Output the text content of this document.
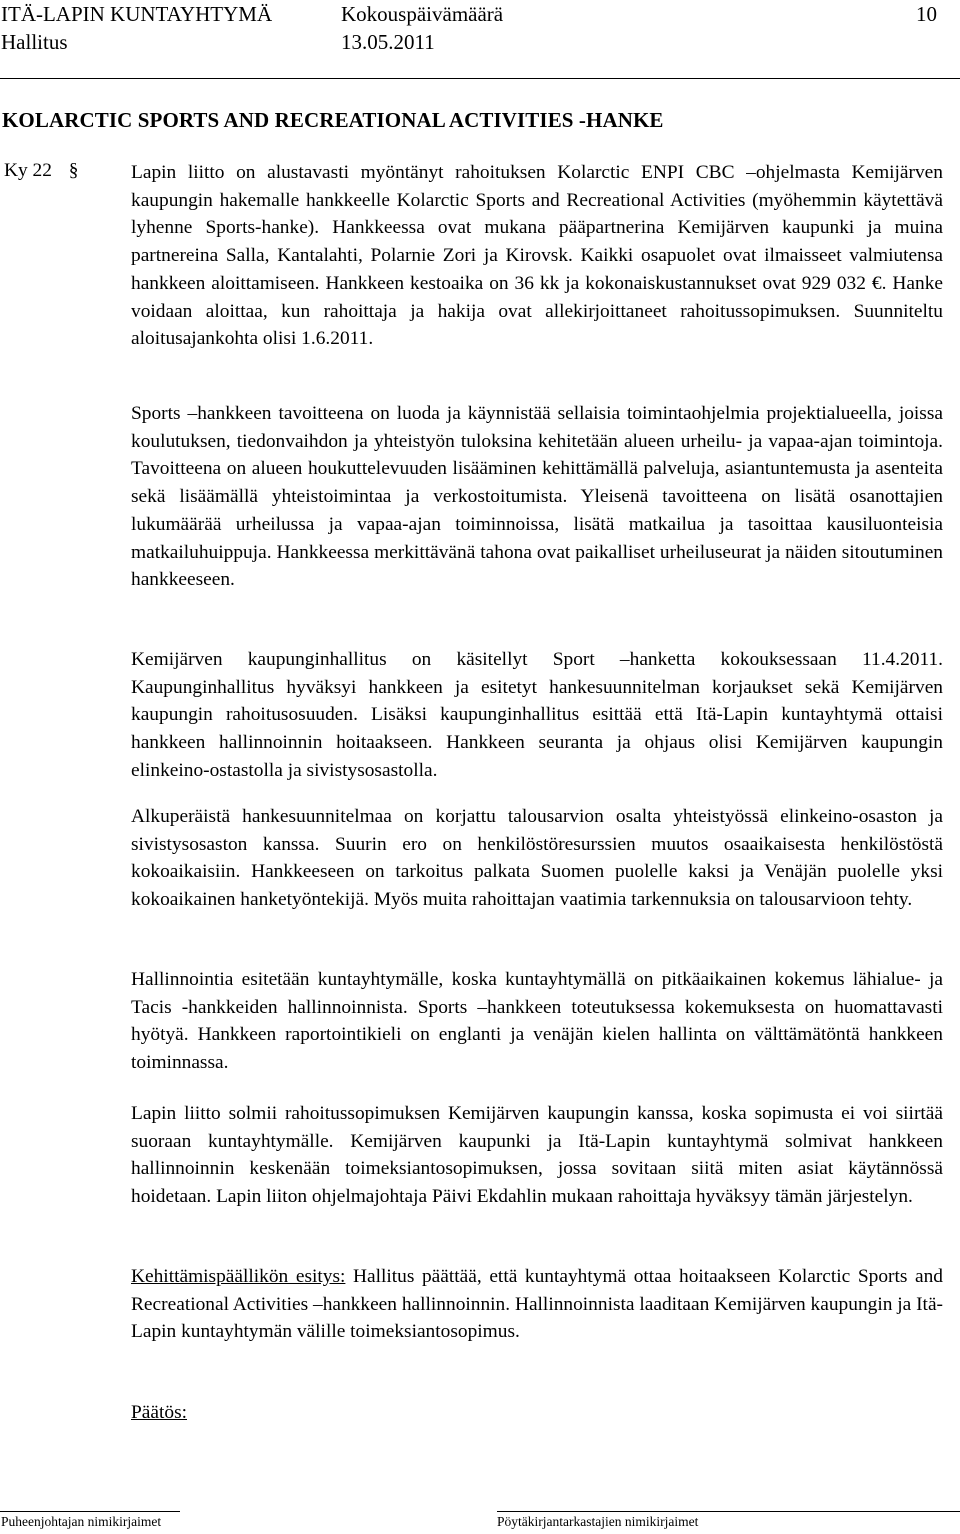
ITÄ-LAPIN KUNTAYHTYMÄ	Kokouspäivämäärä	10
Hallitus	13.05.2011
KOLARCTIC SPORTS AND RECREATIONAL ACTIVITIES -HANKE
Ky 22 §	Lapin liitto on alustavasti myöntänyt rahoituksen Kolarctic ENPI CBC –ohjelmasta Kemijärven kaupungin hakemalle hankkeelle Kolarctic Sports and Recreational Activities (myöhemmin käytettävä lyhenne Sports-hanke). Hankkeessa ovat mukana pääpartnerina Kemijärven kaupunki ja muina partnereina Salla, Kantalahti, Polarnie Zori ja Kirovsk. Kaikki osapuolet ovat ilmaisseet valmiutensa hankkeen aloittamiseen. Hankkeen kestoaika on 36 kk ja kokonaiskustannukset ovat 929 032 €. Hanke voidaan aloittaa, kun rahoittaja ja hakija ovat allekirjoittaneet rahoitussopimuksen. Suunniteltu aloitusajankohta olisi 1.6.2011.

Sports –hankkeen tavoitteena on luoda ja käynnistää sellaisia toimintaohjelmia projektialueella, joissa koulutuksen, tiedonvaihdon ja yhteistyön tuloksina kehitetään alueen urheilu- ja vapaa-ajan toimintoja. Tavoitteena on alueen houkuttelevuuden lisääminen kehittämällä palveluja, asiantuntemusta ja asenteita sekä lisäämällä yhteistoimintaa ja verkostoitumista. Yleisenä tavoitteena on lisätä osanottajien lukumäärää urheilussa ja vapaa-ajan toiminnoissa, lisätä matkailua ja tasoittaa kausiluonteisia matkailuhuippuja. Hankkeessa merkittävänä tahona ovat paikalliset urheiluseurat ja näiden sitoutuminen hankkeeseen.

Kemijärven kaupunginhallitus on käsitellyt Sport –hanketta kokouksessaan 11.4.2011. Kaupunginhallitus hyväksyi hankkeen ja esitetyt hankesuunnitelman korjaukset sekä Kemijärven kaupungin rahoitusosuuden. Lisäksi kaupunginhallitus esittää että Itä-Lapin kuntayhtymä ottaisi hankkeen hallinnoinnin hoitaakseen. Hankkeen seuranta ja ohjaus olisi Kemijärven kaupungin elinkeino-ostastolla ja sivistysosastolla.

Alkuperäistä hankesuunnitelmaa on korjattu talousarvion osalta yhteistyössä elinkeino-osaston ja sivistysosaston kanssa. Suurin ero on henkilöstöresurssien muutos osaaikaisesta henkilöstöstä kokoaikaisiin. Hankkeeseen on tarkoitus palkata Suomen puolelle kaksi ja Venäjän puolelle yksi kokoaikainen hanketyöntekijä. Myös muita rahoittajan vaatimia tarkennuksia on talousarvioon tehty.

Hallinnointia esitetään kuntayhtymälle, koska kuntayhtymällä on pitkäaikainen kokemus lähialue- ja Tacis -hankkeiden hallinnoinnista. Sports –hankkeen toteutuksessa kokemuksesta on huomattavasti hyötyä. Hankkeen raportointikieli on englanti ja venäjän kielen hallinta on välttämätöntä hankkeen toiminnassa.

Lapin liitto solmii rahoitussopimuksen Kemijärven kaupungin kanssa, koska sopimusta ei voi siirtää suoraan kuntayhtymälle. Kemijärven kaupunki ja Itä-Lapin kuntayhtymä solmivat hankkeen hallinnoinnin keskenään toimeksiantosopimuksen, jossa sovitaan siitä miten asiat käytännössä hoidetaan. Lapin liiton ohjelmajohtaja Päivi Ekdahlin mukaan rahoittaja hyväksyy tämän järjestelyn.

Kehittämispäällikön esitys: Hallitus päättää, että kuntayhtymä ottaa hoitaakseen Kolarctic Sports and Recreational Activities –hankkeen hallinnoinnin. Hallinnoinnista laaditaan Kemijärven kaupungin ja Itä-Lapin kuntayhtymän välille toimeksiantosopimus.

Päätös:
Puheenjohtajan nimikirjaimet	Pöytäkirjantarkastajien nimikirjaimet
